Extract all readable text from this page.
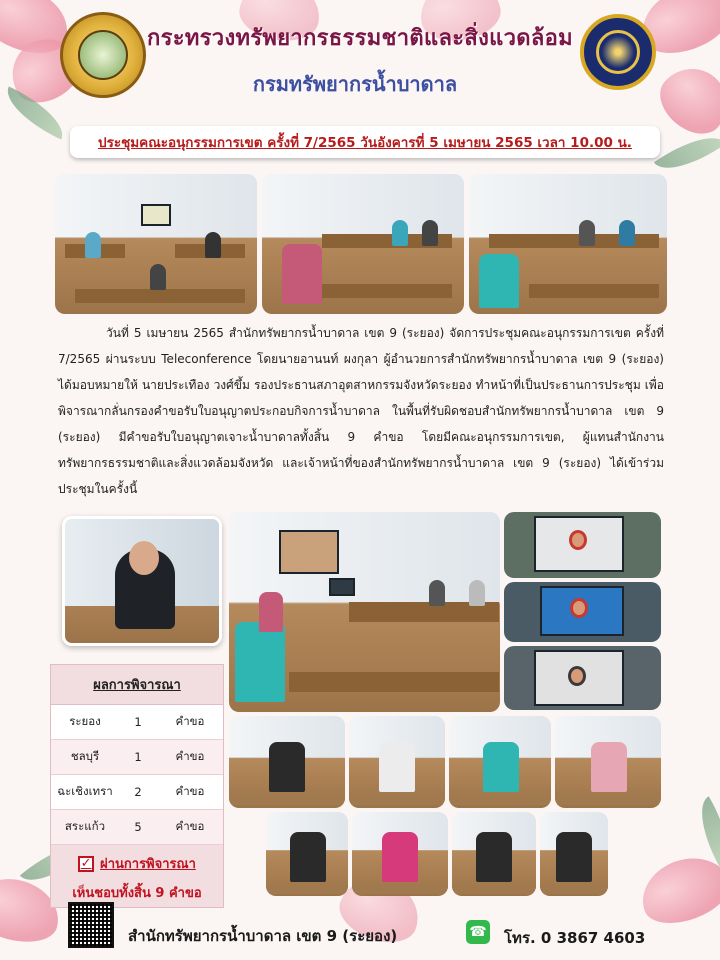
กระทรวงทรัพยากรธรรมชาติและสิ่งแวดล้อม
กรมทรัพยากรน้ำบาดาล
ประชุมคณะอนุกรรมการเขต ครั้งที่ 7/2565 วันอังคารที่ 5 เมษายน 2565 เวลา 10.00 น.
วันที่ 5 เมษายน 2565 สำนักทรัพยากรน้ำบาดาล เขต 9 (ระยอง) จัดการประชุมคณะอนุกรรมการเขต ครั้งที่ 7/2565 ผ่านระบบ Teleconference โดยนายอานนท์ ผงกุลา ผู้อำนวยการสำนักทรัพยากรน้ำบาดาล เขต 9 (ระยอง) ได้มอบหมายให้ นายประเทือง วงศ์ขึ้ม รองประธานสภาอุตสาหกรรมจังหวัดระยอง ทำหน้าที่เป็นประธานการประชุม เพื่อพิจารณากลั่นกรองคำขอรับใบอนุญาตประกอบกิจการน้ำบาดาล ในพื้นที่รับผิดชอบสำนักทรัพยากรน้ำบาดาล เขต 9 (ระยอง) มีคำขอรับใบอนุญาตเจาะน้ำบาดาลทั้งสิ้น 9 คำขอ โดยมีคณะอนุกรรมการเขต, ผู้แทนสำนักงานทรัพยากรธรรมชาติและสิ่งแวดล้อมจังหวัด และเจ้าหน้าที่ของสำนักทรัพยากรน้ำบาดาล เขต 9 (ระยอง) ได้เข้าร่วมประชุมในครั้งนี้
ผลการพิจารณา
ระยอง	1	คำขอ
ชลบุรี	1	คำขอ
ฉะเชิงเทรา	2	คำขอ
สระแก้ว	5	คำขอ
✓ ผ่านการพิจารณา
เห็นชอบทั้งสิ้น 9 คำขอ
สำนักทรัพยากรน้ำบาดาล เขต 9 (ระยอง)	☎ โทร. 0 3867 4603
